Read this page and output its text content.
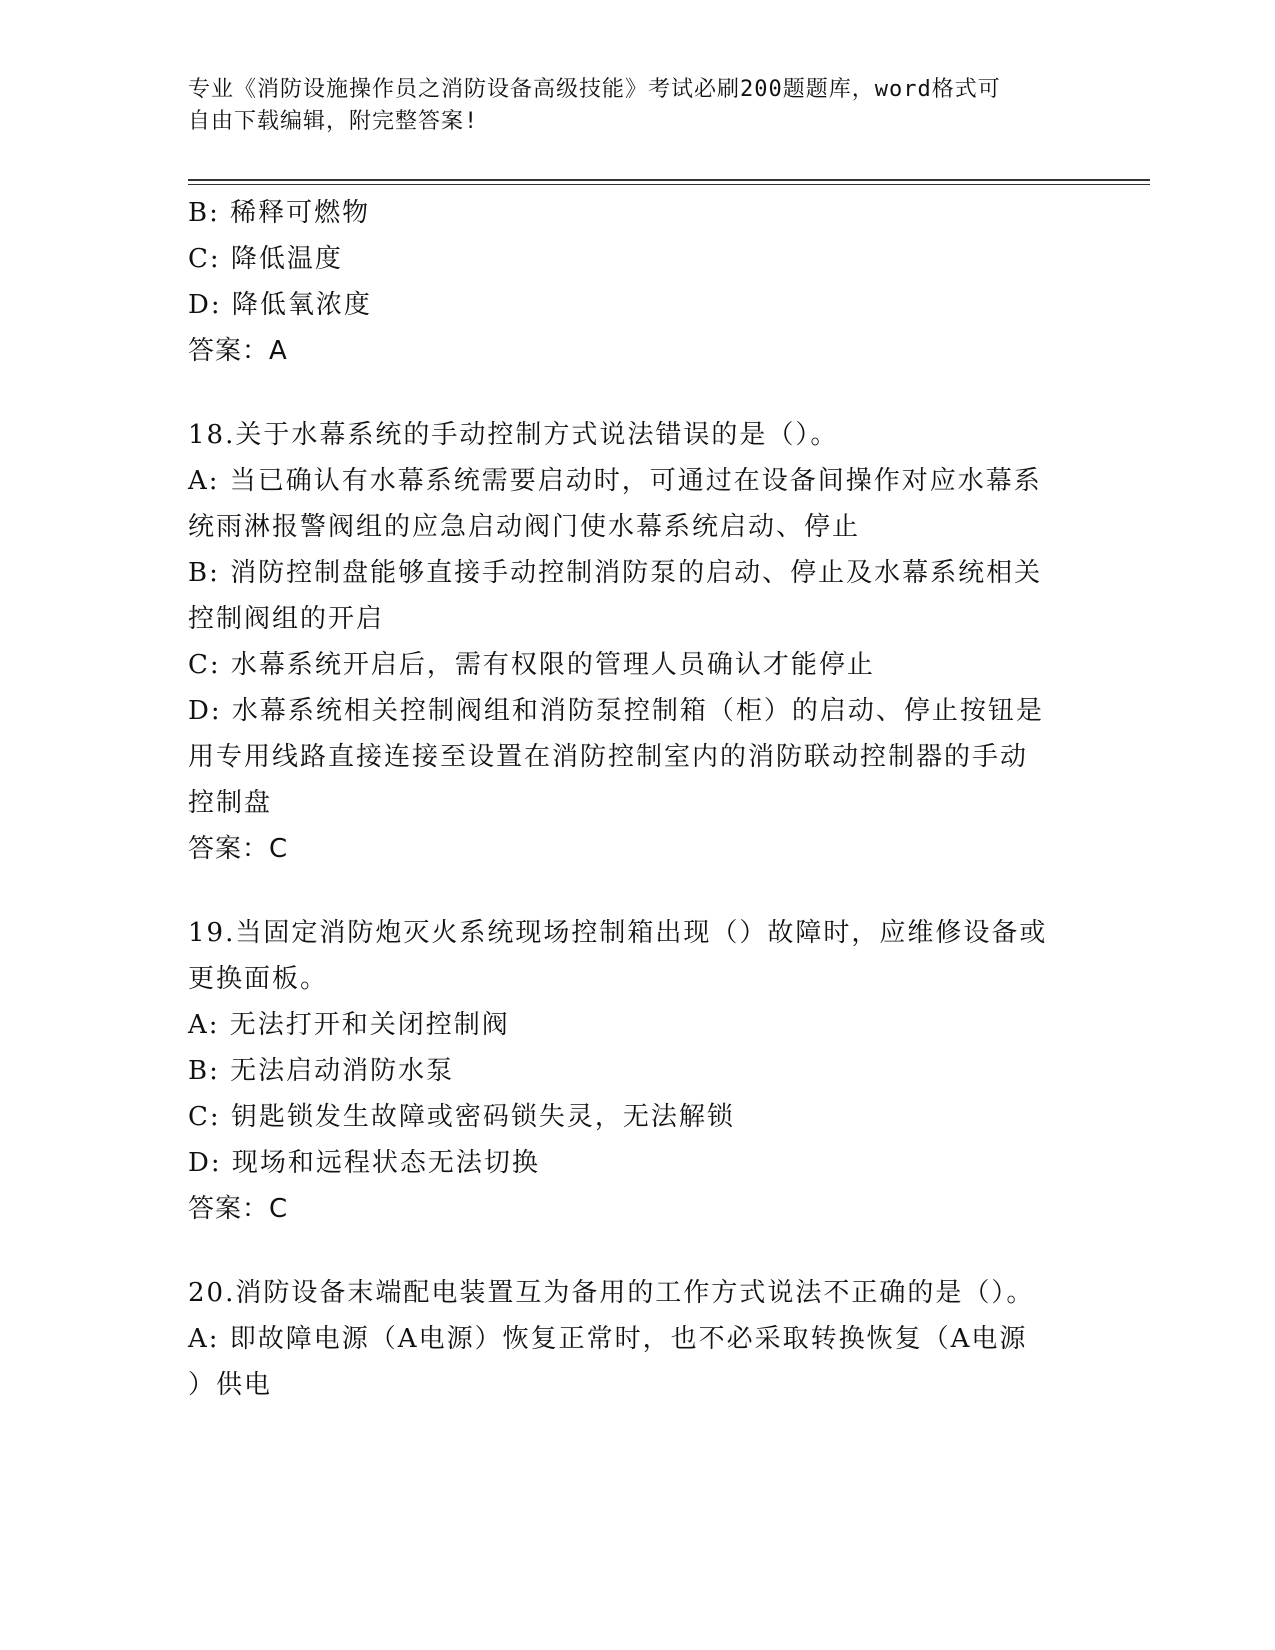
专业《消防设施操作员之消防设备高级技能》考试必刷200题题库，word格式可
自由下载编辑，附完整答案!
B: 稀释可燃物
C: 降低温度
D: 降低氧浓度
答案：A
18.关于水幕系统的手动控制方式说法错误的是（）。
A: 当已确认有水幕系统需要启动时，可通过在设备间操作对应水幕系
统雨淋报警阀组的应急启动阀门使水幕系统启动、停止
B: 消防控制盘能够直接手动控制消防泵的启动、停止及水幕系统相关
控制阀组的开启
C: 水幕系统开启后，需有权限的管理人员确认才能停止
D: 水幕系统相关控制阀组和消防泵控制箱（柜）的启动、停止按钮是
用专用线路直接连接至设置在消防控制室内的消防联动控制器的手动
控制盘
答案：C
19.当固定消防炮灭火系统现场控制箱出现（）故障时，应维修设备或
更换面板。
A: 无法打开和关闭控制阀
B: 无法启动消防水泵
C: 钥匙锁发生故障或密码锁失灵，无法解锁
D: 现场和远程状态无法切换
答案：C
20.消防设备末端配电装置互为备用的工作方式说法不正确的是（）。
A: 即故障电源（A电源）恢复正常时，也不必采取转换恢复（A电源
）供电
